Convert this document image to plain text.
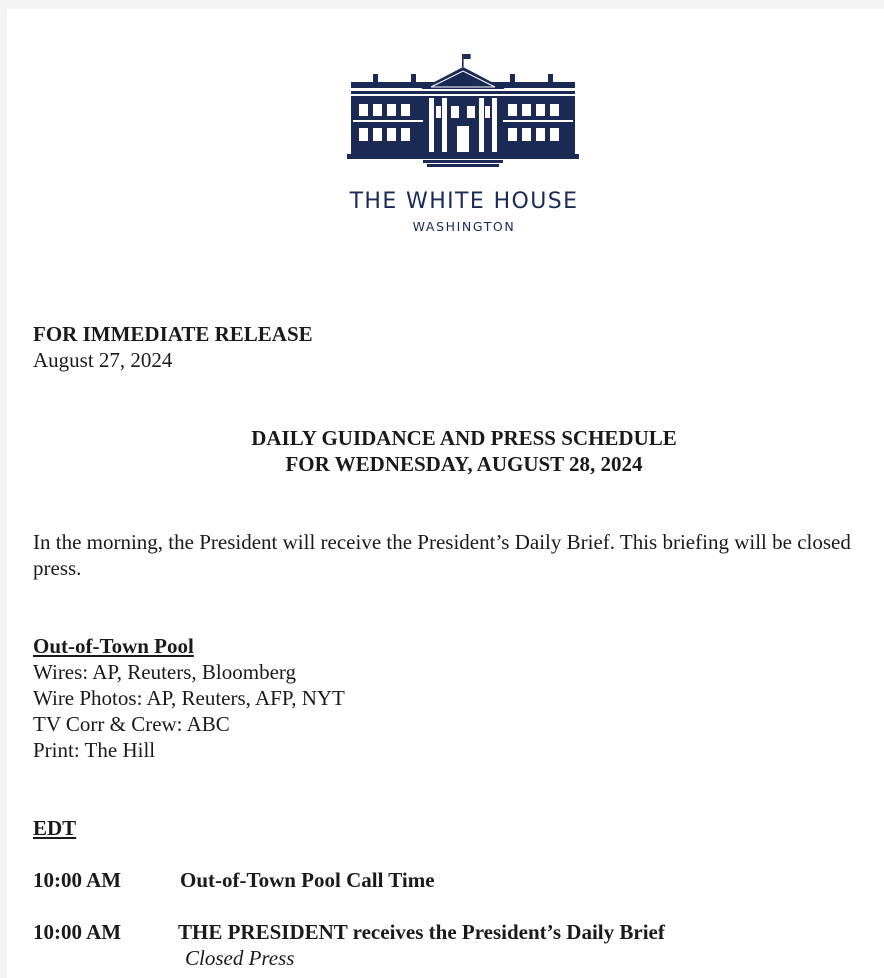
THE WHITE HOUSE
WASHINGTON
FOR IMMEDIATE RELEASE
August 27, 2024
DAILY GUIDANCE AND PRESS SCHEDULE
FOR WEDNESDAY, AUGUST 28, 2024
In the morning, the President will receive the President’s Daily Brief. This briefing will be closed press.
Out-of-Town Pool
Wires: AP, Reuters, Bloomberg
Wire Photos: AP, Reuters, AFP, NYT
TV Corr & Crew: ABC
Print: The Hill
EDT
10:00 AM	Out-of-Town Pool Call Time
10:00 AM	THE PRESIDENT receives the President’s Daily Brief
Closed Press
